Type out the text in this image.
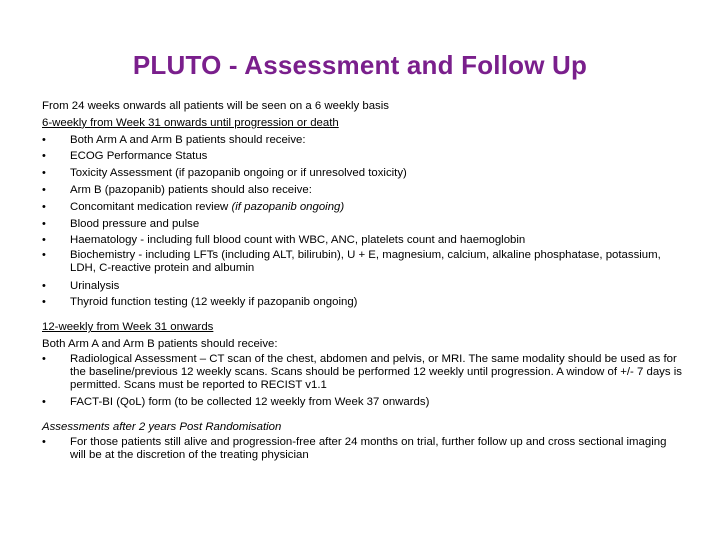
PLUTO - Assessment and Follow Up
From 24 weeks onwards all patients will be seen on a 6 weekly basis
6-weekly from Week 31 onwards until progression or death
•	Both Arm A and Arm B patients should receive:
•	ECOG Performance Status
•	Toxicity Assessment (if pazopanib ongoing or if unresolved toxicity)
•	Arm B (pazopanib) patients should also receive:
•	Concomitant medication review (if pazopanib ongoing)
•	Blood pressure and pulse
•	Haematology - including full blood count with WBC, ANC, platelets count and haemoglobin
•	Biochemistry - including LFTs (including ALT, bilirubin), U + E, magnesium, calcium, alkaline phosphatase, potassium, LDH, C-reactive protein and albumin
•	Urinalysis
•	Thyroid function testing (12 weekly if pazopanib ongoing)
12-weekly from Week 31 onwards
Both Arm A and Arm B patients should receive:
•	Radiological Assessment – CT scan of the chest, abdomen and pelvis, or MRI. The same modality should be used as for the baseline/previous 12 weekly scans. Scans should be performed 12 weekly until progression. A window of +/- 7 days is permitted. Scans must be reported to RECIST v1.1
•	FACT-BI (QoL) form (to be collected 12 weekly from Week 37 onwards)
Assessments after 2 years Post Randomisation
•	For those patients still alive and progression-free after 24 months on trial, further follow up and cross sectional imaging will be at the discretion of the treating physician
